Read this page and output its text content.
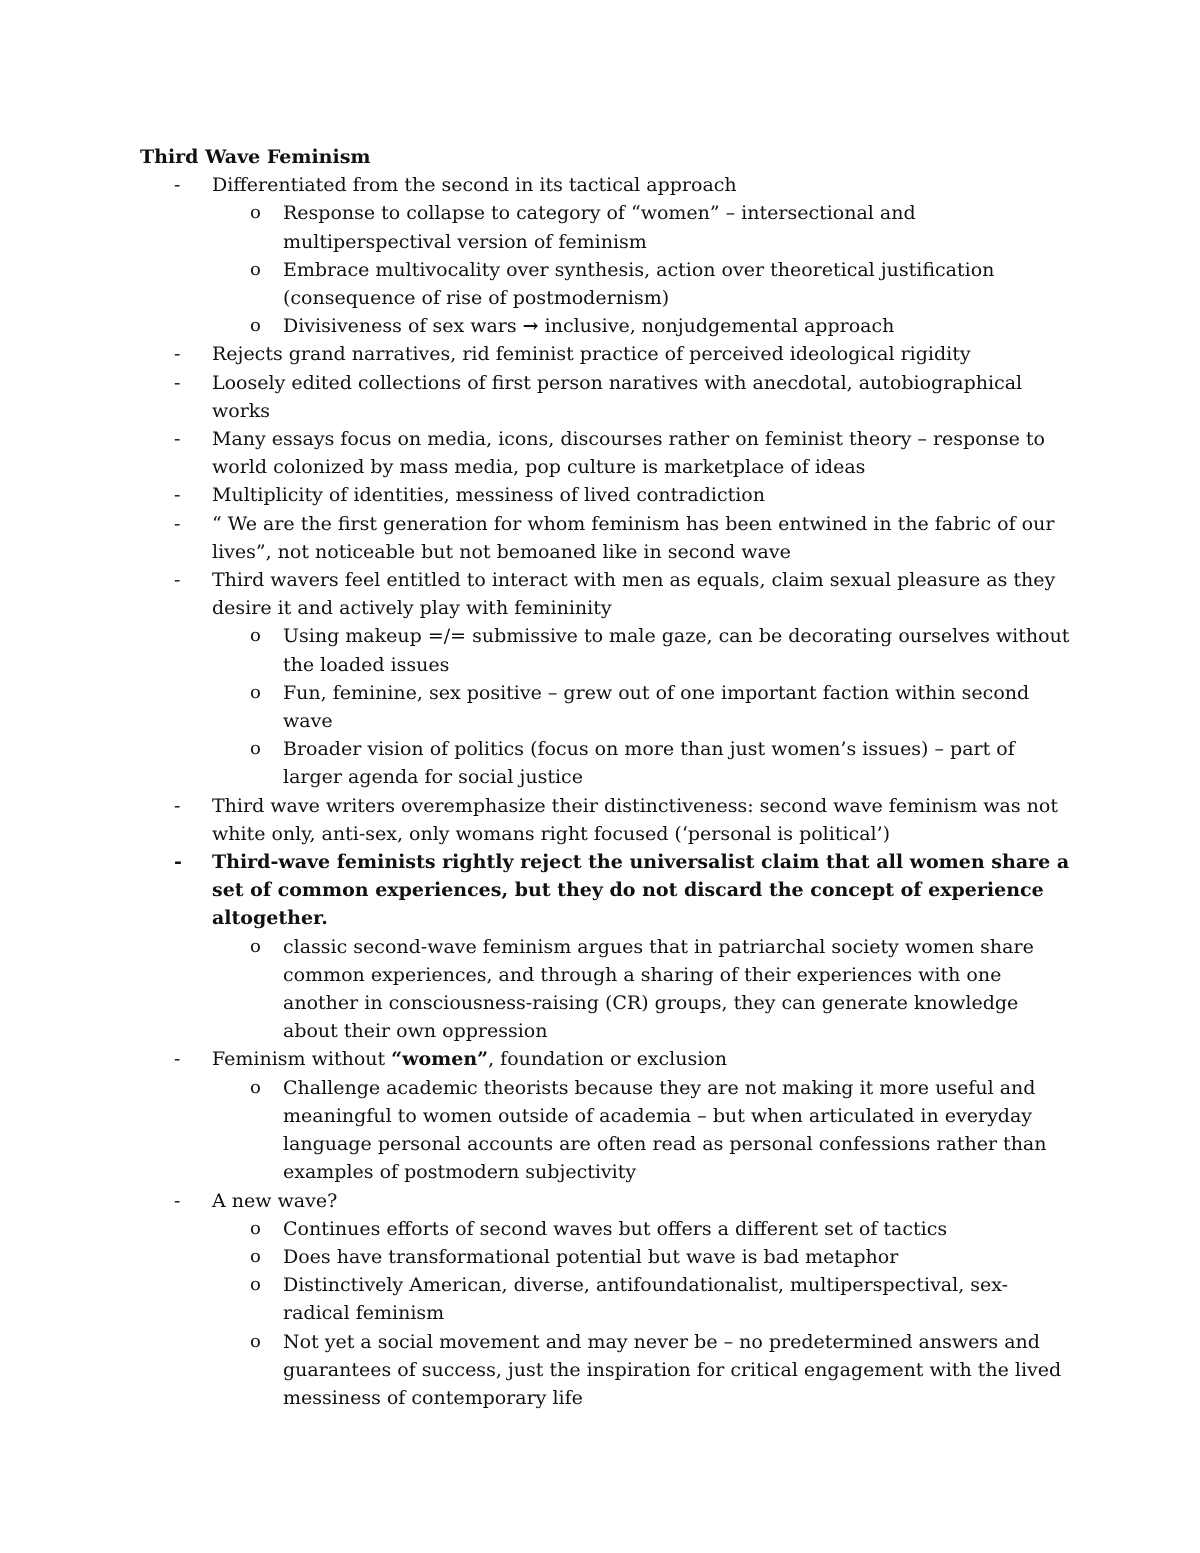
Third Wave Feminism
- Differentiated from the second in its tactical approach
o Response to collapse to category of “women” – intersectional and multiperspectival version of feminism
o Embrace multivocality over synthesis, action over theoretical justification (consequence of rise of postmodernism)
o Divisiveness of sex wars → inclusive, nonjudgemental approach
- Rejects grand narratives, rid feminist practice of perceived ideological rigidity
- Loosely edited collections of first person naratives with anecdotal, autobiographical works
- Many essays focus on media, icons, discourses rather on feminist theory – response to world colonized by mass media, pop culture is marketplace of ideas
- Multiplicity of identities, messiness of lived contradiction
- “ We are the first generation for whom feminism has been entwined in the fabric of our lives”, not noticeable but not bemoaned like in second wave
- Third wavers feel entitled to interact with men as equals, claim sexual pleasure as they desire it and actively play with femininity
o Using makeup =/= submissive to male gaze, can be decorating ourselves without the loaded issues
o Fun, feminine, sex positive – grew out of one important faction within second wave
o Broader vision of politics (focus on more than just women’s issues) – part of larger agenda for social justice
- Third wave writers overemphasize their distinctiveness: second wave feminism was not white only, anti-sex, only womans right focused (‘personal is political’)
- Third-wave feminists rightly reject the universalist claim that all women share a set of common experiences, but they do not discard the concept of experience altogether.
o classic second-wave feminism argues that in patriarchal society women share common experiences, and through a sharing of their experiences with one another in consciousness-raising (CR) groups, they can generate knowledge about their own oppression
- Feminism without “women”, foundation or exclusion
o Challenge academic theorists because they are not making it more useful and meaningful to women outside of academia – but when articulated in everyday language personal accounts are often read as personal confessions rather than examples of postmodern subjectivity
- A new wave?
o Continues efforts of second waves but offers a different set of tactics
o Does have transformational potential but wave is bad metaphor
o Distinctively American, diverse, antifoundationalist, multiperspectival, sex-radical feminism
o Not yet a social movement and may never be – no predetermined answers and guarantees of success, just the inspiration for critical engagement with the lived messiness of contemporary life
